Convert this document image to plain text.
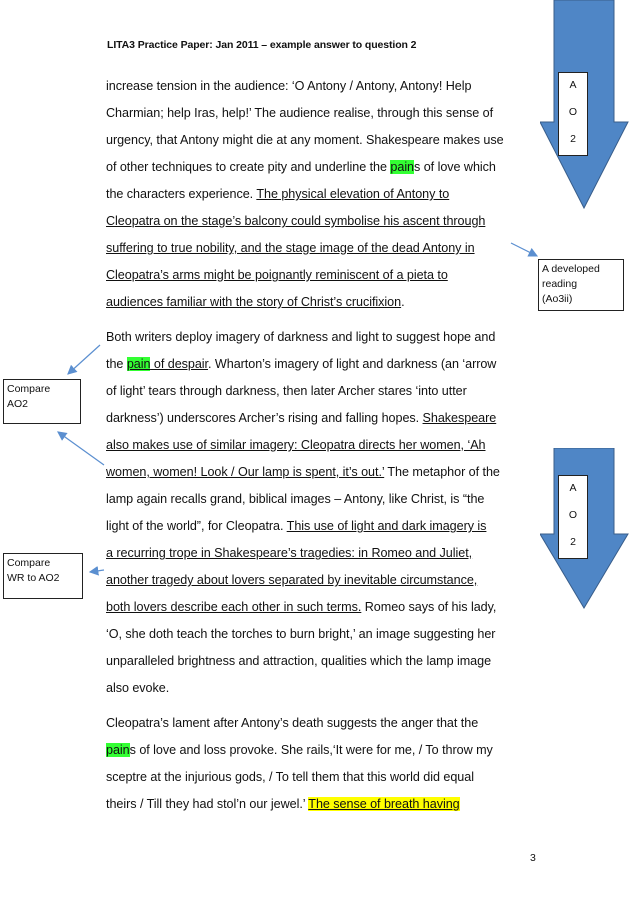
LITA3 Practice Paper: Jan 2011 – example answer to question 2
A
O
2
A
O
2
A developed
reading
(Ao3ii)
Compare
AO2
Compare
WR to AO2
increase tension in the audience: ‘O Antony / Antony, Antony! Help
Charmian; help Iras, help!’ The audience realise, through this sense of
urgency, that Antony might die at any moment. Shakespeare makes use
of other techniques to create pity and underline the pains of love which
the characters experience. The physical elevation of Antony to
Cleopatra on the stage’s balcony could symbolise his ascent through
suffering to true nobility, and the stage image of the dead Antony in
Cleopatra’s arms might be poignantly reminiscent of a pieta to
audiences familiar with the story of Christ’s crucifixion.
Both writers deploy imagery of darkness and light to suggest hope and
the pain of despair. Wharton’s imagery of light and darkness (an ‘arrow
of light’ tears through darkness, then later Archer stares ‘into utter
darkness’) underscores Archer’s rising and falling hopes. Shakespeare
also makes use of similar imagery: Cleopatra directs her women, ‘Ah
women, women! Look / Our lamp is spent, it’s out.’ The metaphor of the
lamp again recalls grand, biblical images – Antony, like Christ, is “the
light of the world”, for Cleopatra. This use of light and dark imagery is
a recurring trope in Shakespeare’s tragedies: in Romeo and Juliet,
another tragedy about lovers separated by inevitable circumstance,
both lovers describe each other in such terms. Romeo says of his lady,
‘O, she doth teach the torches to burn bright,’ an image suggesting her
unparalleled brightness and attraction, qualities which the lamp image
also evoke.
Cleopatra’s lament after Antony’s death suggests the anger that the
pains of love and loss provoke. She rails,‘It were for me, / To throw my
sceptre at the injurious gods, / To tell them that this world did equal
theirs / Till they had stol’n our jewel.’ The sense of breath having
3
